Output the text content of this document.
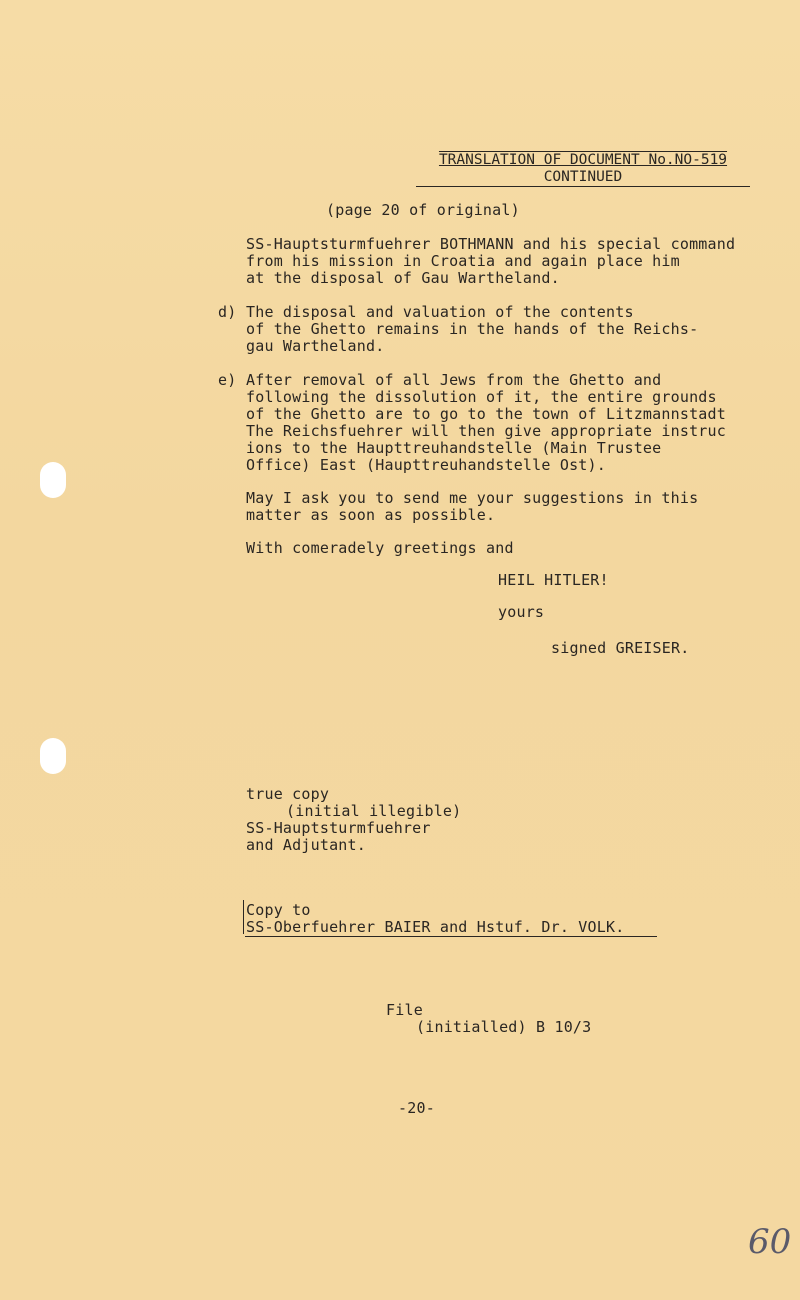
TRANSLATION OF DOCUMENT No.NO-519
CONTINUED
(page 20 of original)
SS-Hauptsturmfuehrer BOTHMANN and his special command
from his mission in Croatia and again place him
at the disposal of Gau Wartheland.
d) The disposal and valuation of the contents
of the Ghetto remains in the hands of the Reichs-
gau Wartheland.
e) After removal of all Jews from the Ghetto and
following the dissolution of it, the entire grounds
of the Ghetto are to go to the town of Litzmannstadt
The Reichsfuehrer will then give appropriate instruc
ions to the Haupttreuhandstelle (Main Trustee
Office) East (Haupttreuhandstelle Ost).
May I ask you to send me your suggestions in this
matter as soon as possible.
With comeradely greetings and
HEIL HITLER!
yours
signed GREISER.
true copy
(initial illegible)
SS-Hauptsturmfuehrer
and Adjutant.
Copy to
SS-Oberfuehrer BAIER and Hstuf. Dr. VOLK.
File
(initialled) B 10/3
-20-
60
